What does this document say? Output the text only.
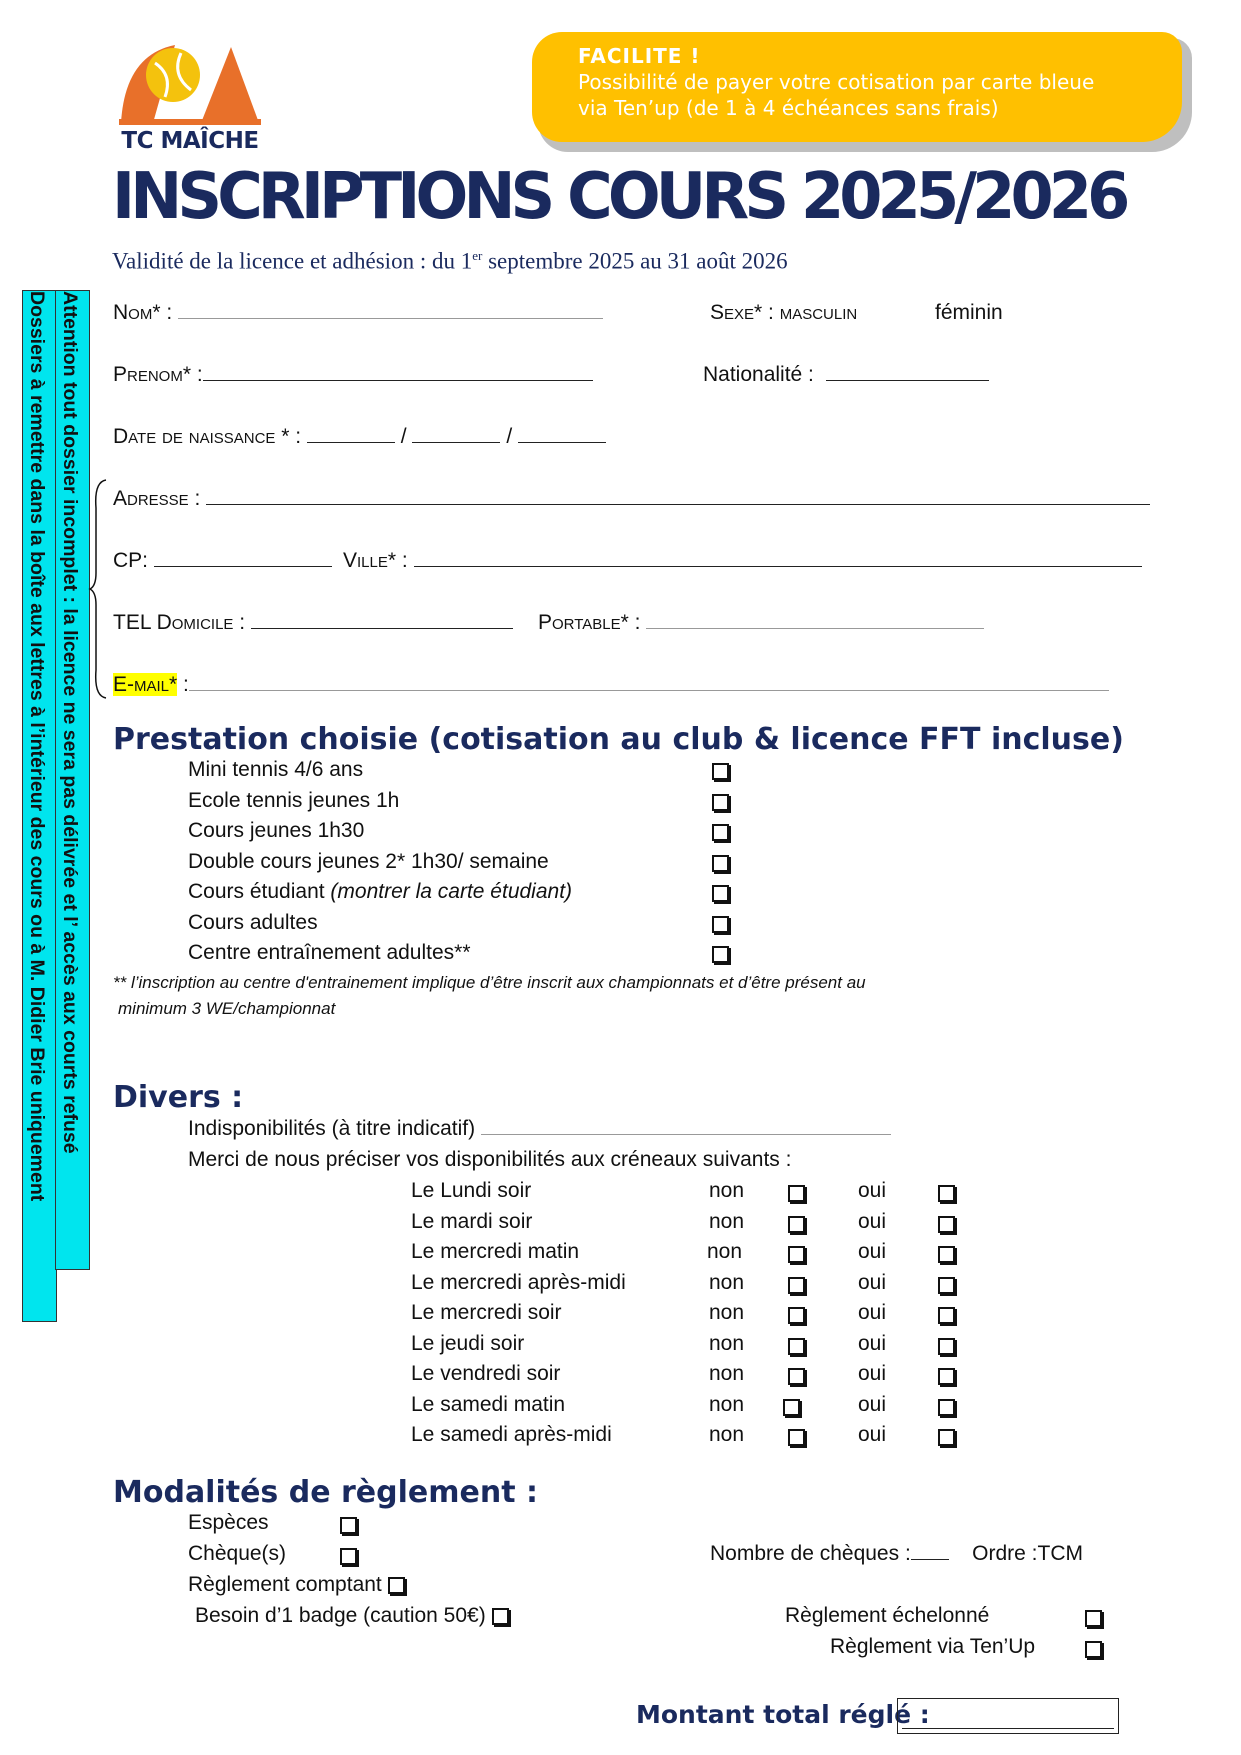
TC MAÎCHE
FACILITE !
Possibilité de payer votre cotisation par carte bleue
via Ten’up (de 1 à 4 échéances sans frais)
INSCRIPTIONS COURS 2025/2026
Validité de la licence et adhésion : du 1er septembre 2025 au 31 août 2026
Dossiers à remettre dans la boîte aux lettres à l’intérieur des cours ou à M. Didier Brie uniquement Attention tout dossier incomplet : la licence ne sera pas délivrée et l’ accès aux courts refusé Nom* :	Sexe* : masculin	féminin
Prenom* :	Nationalité :
Date de naissance * :	/	/
Adresse :
CP:	Ville* :
TEL Domicile :	Portable* :
E-mail* :
Prestation choisie (cotisation au club & licence FFT incluse)
Mini tennis 4/6 ans
Ecole tennis jeunes 1h
Cours jeunes 1h30
Double cours jeunes 2* 1h30/ semaine
Cours étudiant (montrer la carte étudiant)
Cours adultes
Centre entraînement adultes**
** l’inscription au centre d'entrainement implique d’être inscrit aux championnats et d’être présent au
minimum 3 WE/championnat
Divers :
Indisponibilités (à titre indicatif)
Merci de nous préciser vos disponibilités aux créneaux suivants :
Le Lundi soir	non	oui
Le mardi soir	non	oui
Le mercredi matin	non	oui
Le mercredi après-midi	non	oui
Le mercredi soir	non	oui
Le jeudi soir	non	oui
Le vendredi soir	non	oui
Le samedi matin	non	oui
Le samedi après-midi	non	oui
Modalités de règlement :
Espèces
Chèque(s)
Règlement comptant
Besoin d’1 badge (caution 50€)
Nombre de chèques :	Ordre :TCM
Règlement échelonné
Règlement via Ten’Up
Montant total réglé :
